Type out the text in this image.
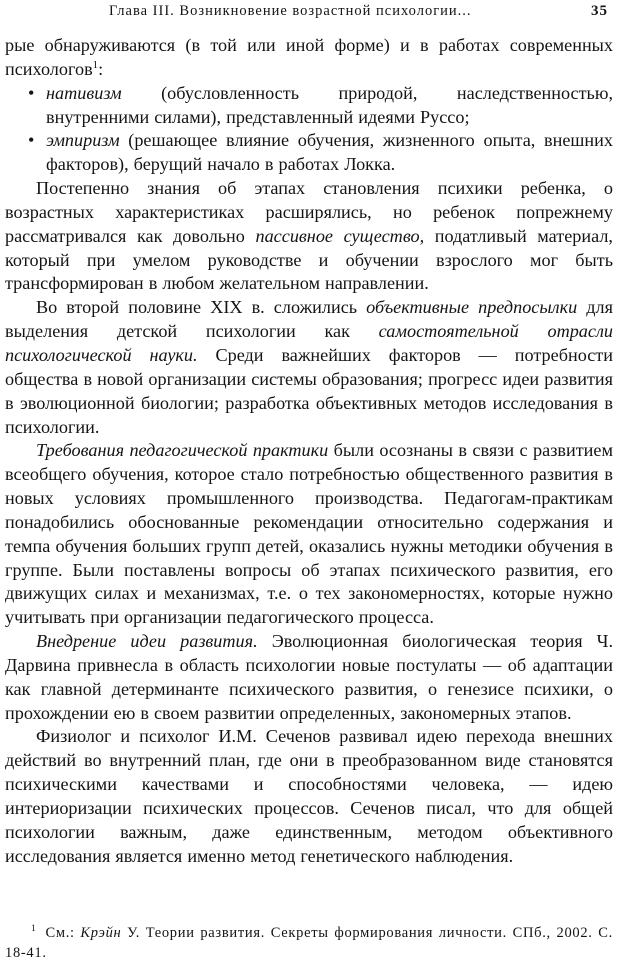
Глава III. Возникновение возрастной психологии...	35

рые обнаруживаются (в той или иной форме) и в работах современных психологов$^1$:

• нативизм (обусловленность природой, наследственностью, внутренними силами), представленный идеями Руссо;
• эмпиризм (решающее влияние обучения, жизненного опыта, внешних факторов), берущий начало в работах Локка.

Постепенно знания об этапах становления психики ребенка, о возрастных характеристиках расширялись, но ребенок попрежнему рассматривался как довольно пассивное существо, податливый материал, который при умелом руководстве и обучении взрослого мог быть трансформирован в любом желательном направлении.

Во второй половине XIX в. сложились объективные предпосылки для выделения детской психологии как самостоятельной отрасли психологической науки. Среди важнейших факторов — потребности общества в новой организации системы образования; прогресс идеи развития в эволюционной биологии; разработка объективных методов исследования в психологии.

Требования педагогической практики были осознаны в связи с развитием всеобщего обучения, которое стало потребностью общественного развития в новых условиях промышленного производства. Педагогам-практикам понадобились обоснованные рекомендации относительно содержания и темпа обучения больших групп детей, оказались нужны методики обучения в группе. Были поставлены вопросы об этапах психического развития, его движущих силах и механизмах, т.е. о тех закономерностях, которые нужно учитывать при организации педагогического процесса.

Внедрение идеи развития. Эволюционная биологическая теория Ч. Дарвина привнесла в область психологии новые постулаты — об адаптации как главной детерминанте психического развития, о генезисе психики, о прохождении ею в своем развитии определенных, закономерных этапов.

Физиолог и психолог И.М. Сеченов развивал идею перехода внешних действий во внутренний план, где они в преобразованном виде становятся психическими качествами и способностями человека, — идею интериоризации психических процессов. Сеченов писал, что для общей психологии важным, даже единственным, методом объективного исследования является именно метод генетического наблюдения.

$^1$ См.: Крэйн У. Теории развития. Секреты формирования личности. СПб., 2002. С. 18-41.
